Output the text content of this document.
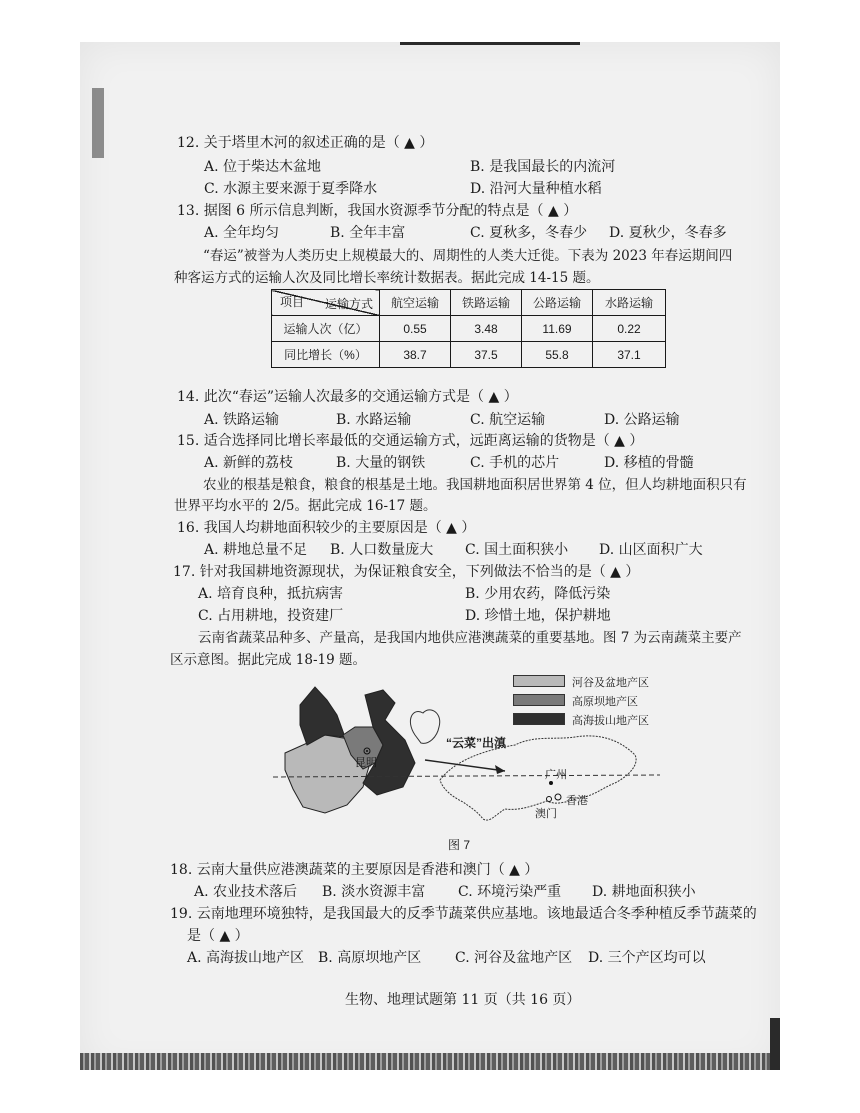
12. 关于塔里木河的叙述正确的是（ ▲ ）
A. 位于柴达木盆地	B. 是我国最长的内流河
C. 水源主要来源于夏季降水	D. 沿河大量种植水稻
13. 据图 6 所示信息判断，我国水资源季节分配的特点是（ ▲ ）
A. 全年均匀	B. 全年丰富	C. 夏秋多，冬春少 D. 夏秋少，冬春多
“春运”被誉为人类历史上规模最大的、周期性的人类大迁徙。下表为 2023 年春运期间四
种客运方式的运输人次及同比增长率统计数据表。据此完成 14-15 题。
运输方式
项目	航空运输	铁路运输	公路运输	水路运输
运输人次（亿）	0.55	3.48	11.69	0.22
同比增长（%）	38.7	37.5	55.8	37.1
14. 此次“春运”运输人次最多的交通运输方式是（ ▲ ）
A. 铁路运输	B. 水路运输	C. 航空运输	D. 公路运输
15. 适合选择同比增长率最低的交通运输方式，远距离运输的货物是（ ▲ ）
A. 新鲜的荔枝	B. 大量的钢铁	C. 手机的芯片	D. 移植的骨髓
农业的根基是粮食，粮食的根基是土地。我国耕地面积居世界第 4 位，但人均耕地面积只有
世界平均水平的 2/5。据此完成 16-17 题。
16. 我国人均耕地面积较少的主要原因是（ ▲ ）
A. 耕地总量不足 B. 人口数量庞大 C. 国土面积狭小 D. 山区面积广大
17. 针对我国耕地资源现状，为保证粮食安全，下列做法不恰当的是（ ▲ ）
A. 培育良种，抵抗病害	B. 少用农药，降低污染
C. 占用耕地，投资建厂	D. 珍惜土地，保护耕地
云南省蔬菜品种多、产量高，是我国内地供应港澳蔬菜的重要基地。图 7 为云南蔬菜主要产
区示意图。据此完成 18-19 题。
河谷及盆地产区
高原坝地产区
高海拔山地产区
昆明
“云菜”出滇
广州
香港
澳门
图 7
18. 云南大量供应港澳蔬菜的主要原因是香港和澳门（ ▲ ）
A. 农业技术落后 B. 淡水资源丰富 C. 环境污染严重 D. 耕地面积狭小
19. 云南地理环境独特，是我国最大的反季节蔬菜供应基地。该地最适合冬季种植反季节蔬菜的
是（ ▲ ）
A. 高海拔山地产区 B. 高原坝地产区 C. 河谷及盆地产区 D. 三个产区均可以
生物、地理试题第 11 页（共 16 页）
